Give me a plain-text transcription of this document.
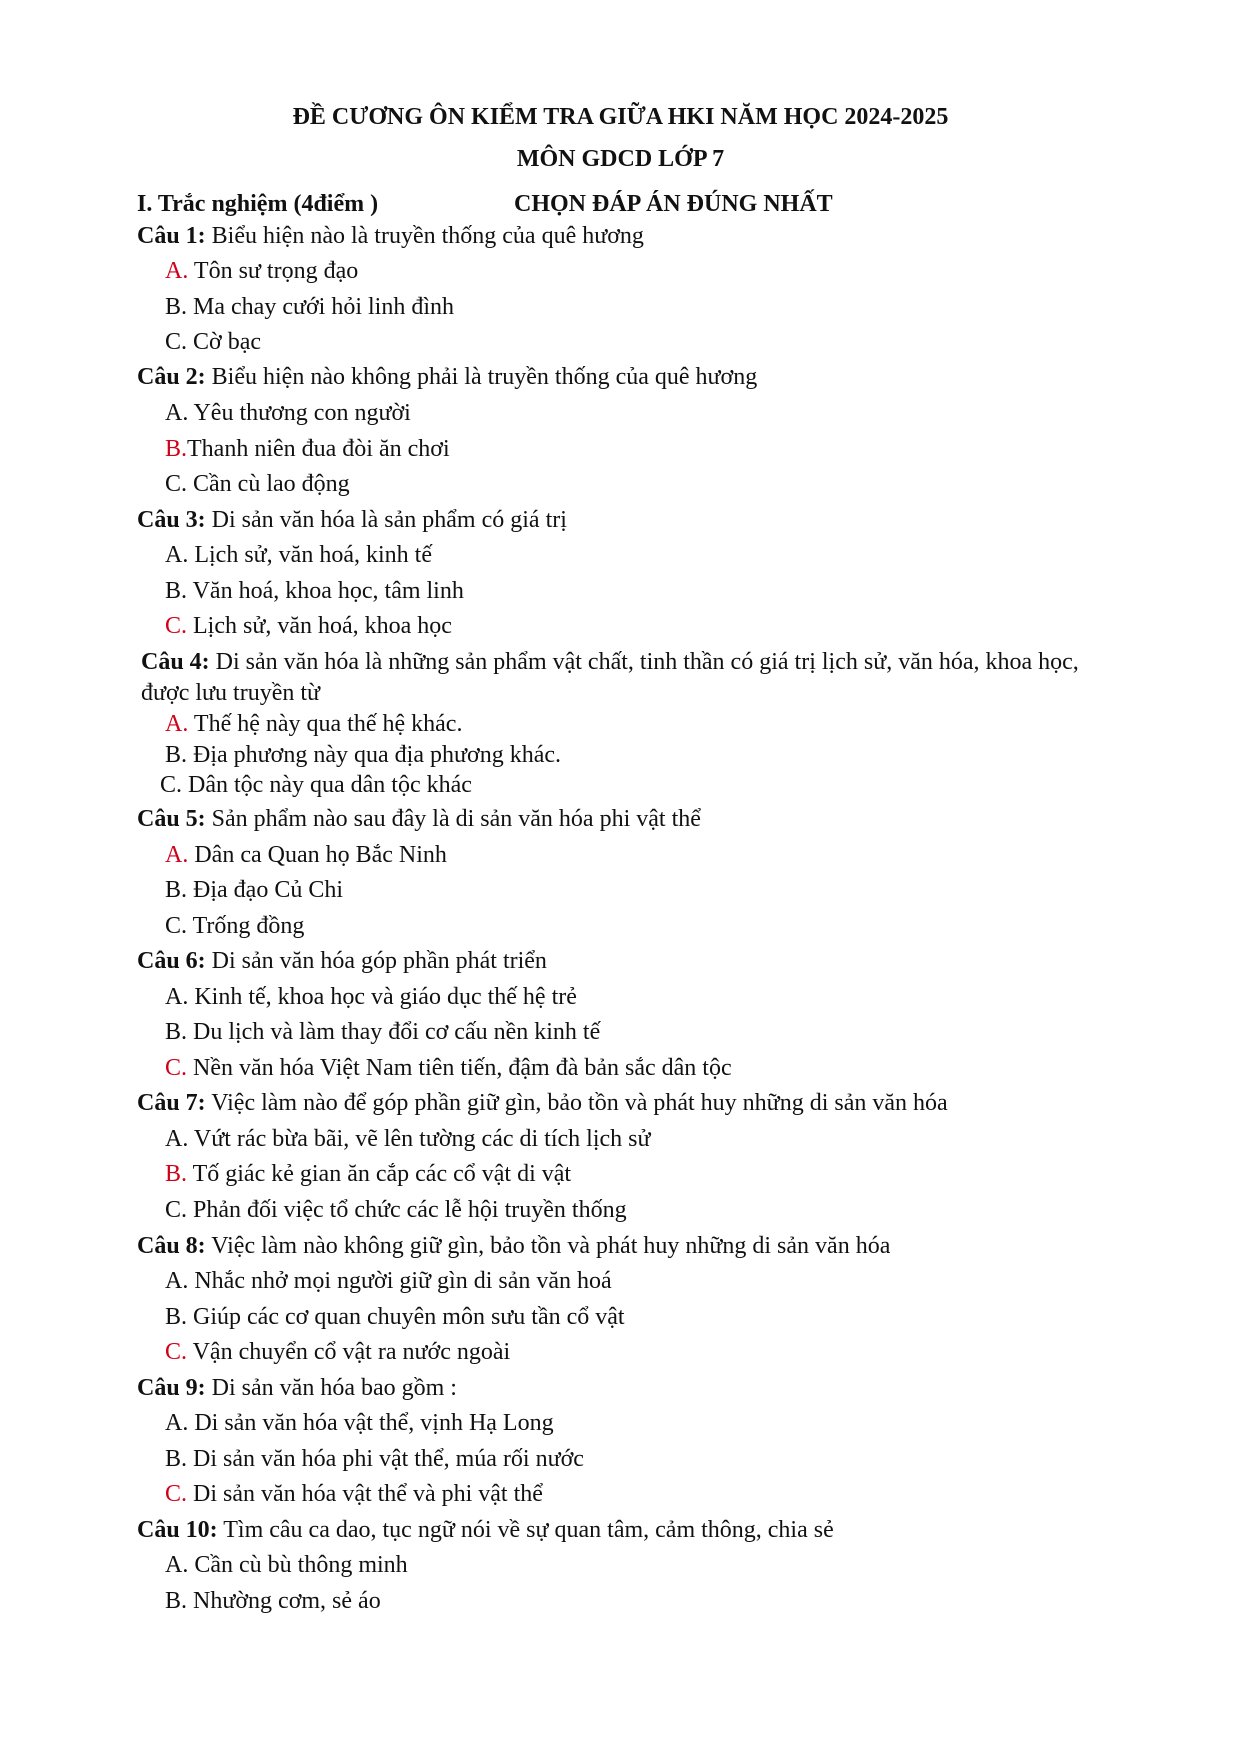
ĐỀ CƯƠNG ÔN KIỂM TRA GIỮA HKI NĂM HỌC 2024-2025
MÔN GDCD LỚP 7
I. Trắc nghiệm (4điểm )	CHỌN ĐÁP ÁN ĐÚNG NHẤT
Câu 1: Biểu hiện nào là truyền thống của quê hương
A. Tôn sư trọng đạo
B. Ma chay cưới hỏi linh đình
C. Cờ bạc
Câu 2: Biểu hiện nào không phải là truyền thống của quê hương
A. Yêu thương con người
B.Thanh niên đua đòi ăn chơi
C. Cần cù lao động
Câu 3: Di sản văn hóa là sản phẩm có giá trị
A. Lịch sử, văn hoá, kinh tế
B. Văn hoá, khoa học, tâm linh
C. Lịch sử, văn hoá, khoa học
Câu 4: Di sản văn hóa là những sản phẩm vật chất, tinh thần có giá trị lịch sử, văn hóa, khoa học, được lưu truyền từ
A. Thế hệ này qua thế hệ khác.
B. Địa phương này qua địa phương khác.
C. Dân tộc này qua dân tộc khác
Câu 5: Sản phẩm nào sau đây là di sản văn hóa phi vật thể
A. Dân ca Quan họ Bắc Ninh
B. Địa đạo Củ Chi
C. Trống đồng
Câu 6: Di sản văn hóa góp phần phát triển
A. Kinh tế, khoa học và giáo dục thế hệ trẻ
B. Du lịch và làm thay đổi cơ cấu nền kinh tế
C. Nền văn hóa Việt Nam tiên tiến, đậm đà bản sắc dân tộc
Câu 7: Việc làm nào để góp phần giữ gìn, bảo tồn và phát huy những di sản văn hóa
A. Vứt rác bừa bãi, vẽ lên tường các di tích lịch sử
B. Tố giác kẻ gian ăn cắp các cổ vật di vật
C. Phản đối việc tổ chức các lễ hội truyền thống
Câu 8: Việc làm nào không giữ gìn, bảo tồn và phát huy những di sản văn hóa
A. Nhắc nhở mọi người giữ gìn di sản văn hoá
B. Giúp các cơ quan chuyên môn sưu tần cổ vật
C. Vận chuyển cổ vật ra nước ngoài
Câu 9: Di sản văn hóa bao gồm :
A. Di sản văn hóa vật thể, vịnh Hạ Long
B. Di sản văn hóa phi vật thể, múa rối nước
C. Di sản văn hóa vật thể và phi vật thể
Câu 10: Tìm câu ca dao, tục ngữ nói về sự quan tâm, cảm thông, chia sẻ
A. Cần cù bù thông minh
B. Nhường cơm, sẻ áo
